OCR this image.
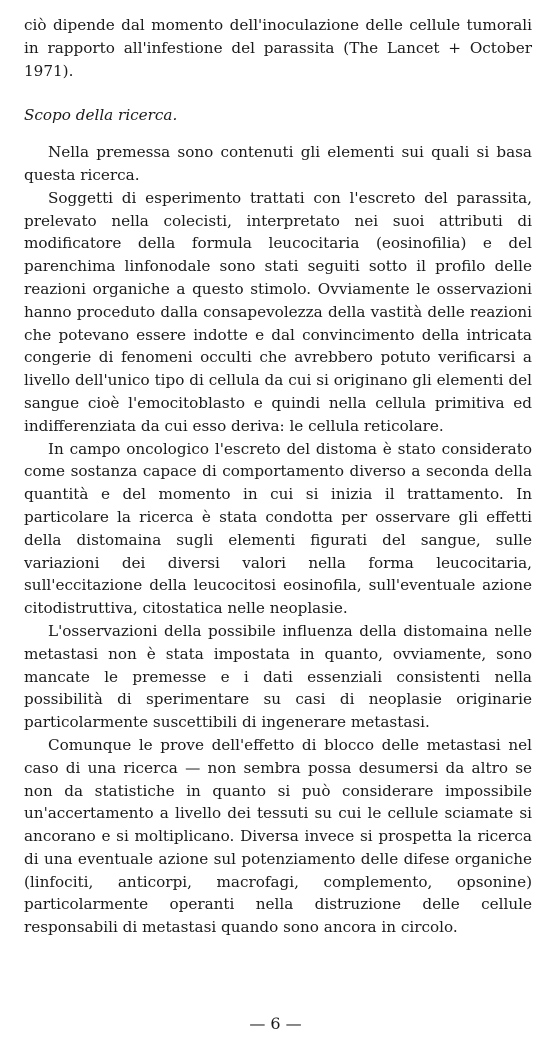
ciò dipende dal momento dell'inoculazione delle cellule tumorali in rapporto all'infestione del parassita (The Lancet + October 1971).

Scopo della ricerca.

Nella premessa sono contenuti gli elementi sui quali si basa questa ricerca.

Soggetti di esperimento trattati con l'escreto del parassita, prelevato nella colecisti, interpretato nei suoi attributi di modificatore della formula leucocitaria (eosinofilia) e del parenchima linfonodale sono stati seguiti sotto il profilo delle reazioni organiche a questo stimolo. Ovviamente le osservazioni hanno proceduto dalla consapevolezza della vastità delle reazioni che potevano essere indotte e dal convincimento della intricata congerie di fenomeni occulti che avrebbero potuto verificarsi a livello dell'unico tipo di cellula da cui si originano gli elementi del sangue cioè l'emocitoblasto e quindi nella cellula primitiva ed indifferenziata da cui esso deriva: le cellula reticolare.

In campo oncologico l'escreto del distoma è stato considerato come sostanza capace di comportamento diverso a seconda della quantità e del momento in cui si inizia il trattamento. In particolare la ricerca è stata condotta per osservare gli effetti della distomaina sugli elementi figurati del sangue, sulle variazioni dei diversi valori nella forma leucocitaria, sull'eccitazione della leucocitosi eosinofila, sull'eventuale azione citodistruttiva, citostatica nelle neoplasie.

L'osservazioni della possibile influenza della distomaina nelle metastasi non è stata impostata in quanto, ovviamente, sono mancate le premesse e i dati essenziali consistenti nella possibilità di sperimentare su casi di neoplasie originarie particolarmente suscettibili di ingenerare metastasi.

Comunque le prove dell'effetto di blocco delle metastasi nel caso di una ricerca — non sembra possa desumersi da altro se non da statistiche in quanto si può considerare impossibile un'accertamento a livello dei tessuti su cui le cellule sciamate si ancorano e si moltiplicano. Diversa invece si prospetta la ricerca di una eventuale azione sul potenziamento delle difese organiche (linfociti, anticorpi, macrofagi, complemento, opsonine) particolarmente operanti nella distruzione delle cellule responsabili di metastasi quando sono ancora in circolo.

— 6 —
